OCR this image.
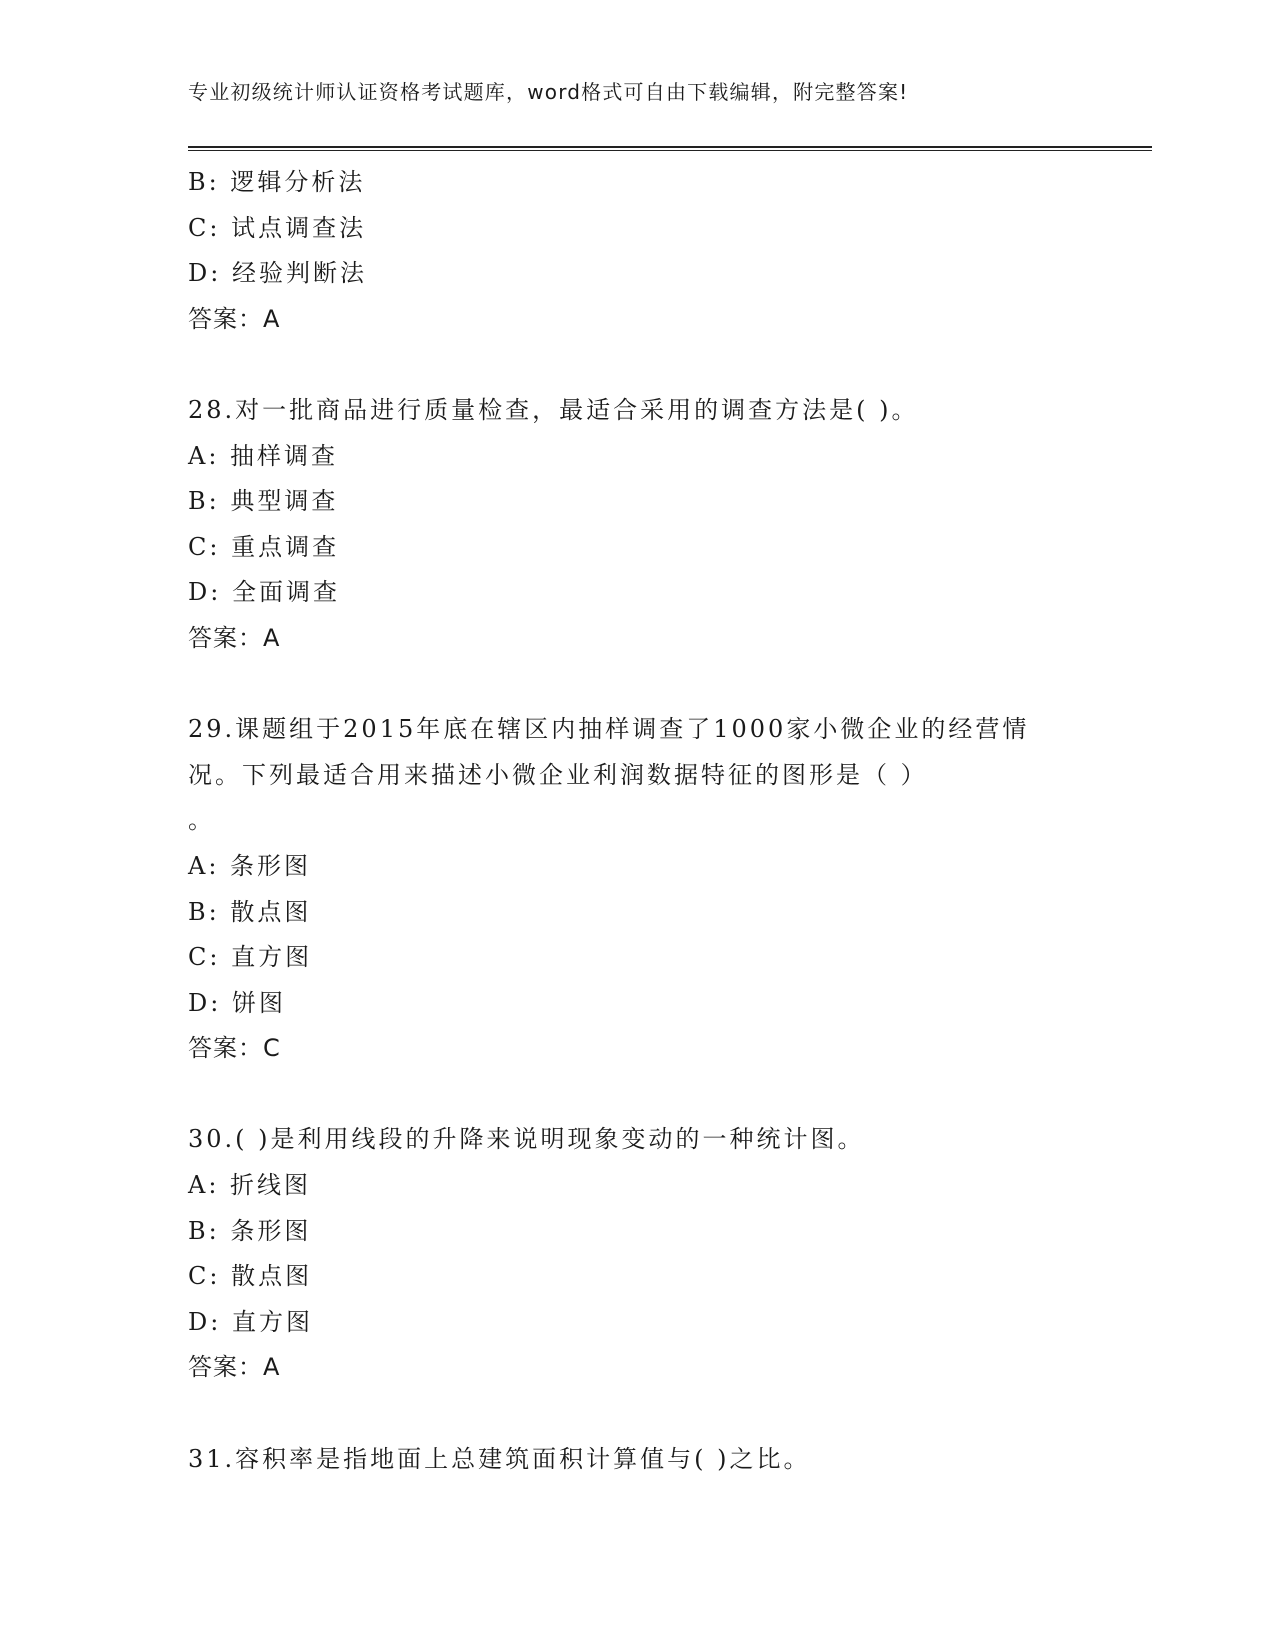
专业初级统计师认证资格考试题库，word格式可自由下载编辑，附完整答案!
B: 逻辑分析法
C: 试点调查法
D: 经验判断法
答案：A
28.对一批商品进行质量检查，最适合采用的调查方法是( )。
A: 抽样调查
B: 典型调查
C: 重点调查
D: 全面调查
答案：A
29.课题组于2015年底在辖区内抽样调查了1000家小微企业的经营情
况。下列最适合用来描述小微企业利润数据特征的图形是（ ）
。
A: 条形图
B: 散点图
C: 直方图
D: 饼图
答案：C
30.( )是利用线段的升降来说明现象变动的一种统计图。
A: 折线图
B: 条形图
C: 散点图
D: 直方图
答案：A
31.容积率是指地面上总建筑面积计算值与( )之比。
